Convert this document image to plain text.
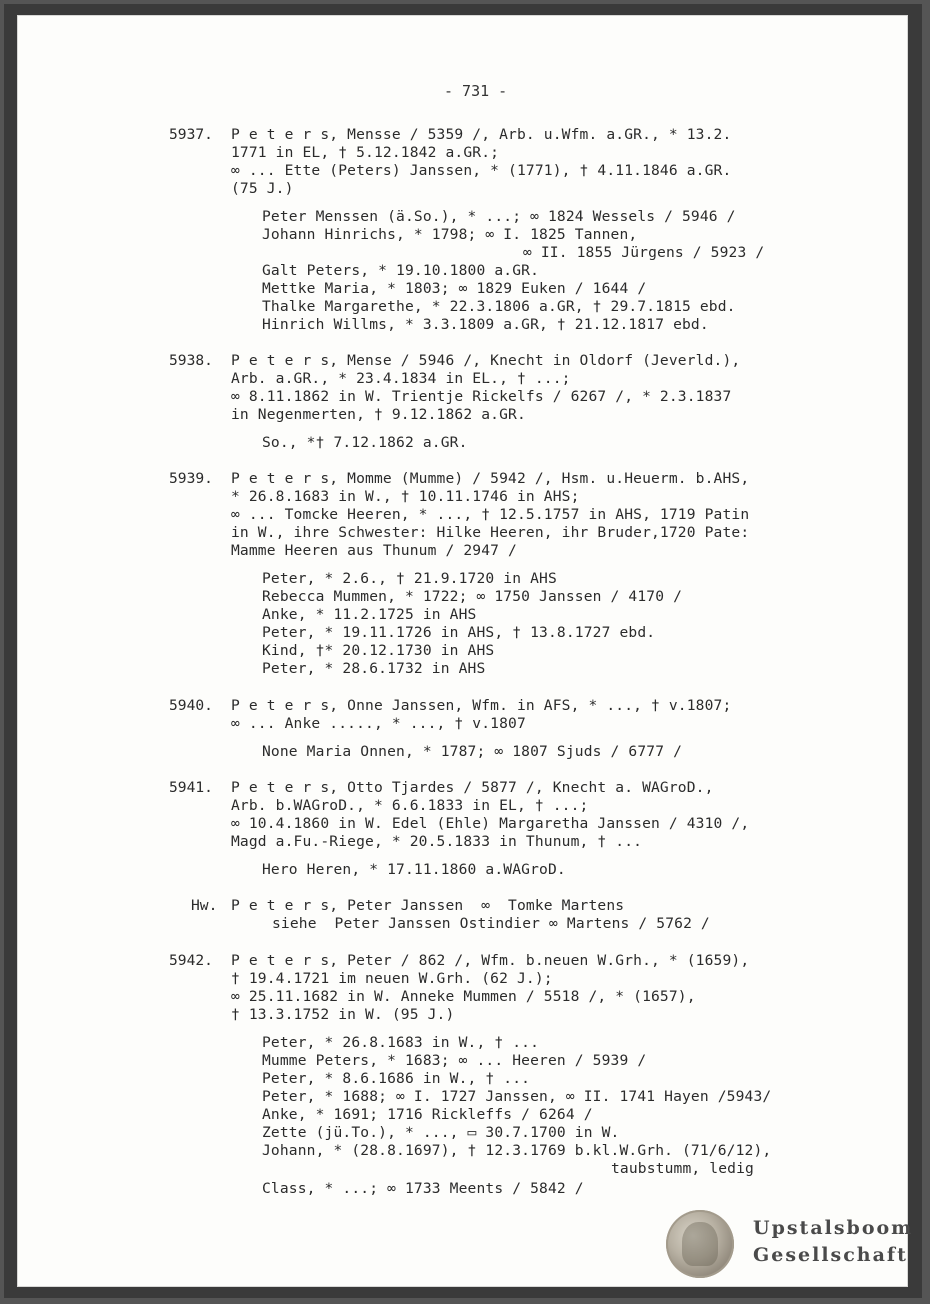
- 731 -
5937. P e t e r s, Mensse / 5359 /, Arb. u.Wfm. a.GR., * 13.2.
1771 in EL, † 5.12.1842 a.GR.;
∞ ... Ette (Peters) Janssen, * (1771), † 4.11.1846 a.GR.
(75 J.)
Peter Menssen (ä.So.), * ...; ∞ 1824 Wessels / 5946 /
Johann Hinrichs, * 1798; ∞ I. 1825 Tannen,
∞ II. 1855 Jürgens / 5923 /
Galt Peters, * 19.10.1800 a.GR.
Mettke Maria, * 1803; ∞ 1829 Euken / 1644 /
Thalke Margarethe, * 22.3.1806 a.GR, † 29.7.1815 ebd.
Hinrich Willms, * 3.3.1809 a.GR, † 21.12.1817 ebd.
5938. P e t e r s, Mense / 5946 /, Knecht in Oldorf (Jeverld.),
Arb. a.GR., * 23.4.1834 in EL., † ...;
∞ 8.11.1862 in W. Trientje Rickelfs / 6267 /, * 2.3.1837
in Negenmerten, † 9.12.1862 a.GR.
So., *† 7.12.1862 a.GR.
5939. P e t e r s, Momme (Mumme) / 5942 /, Hsm. u.Heuerm. b.AHS,
* 26.8.1683 in W., † 10.11.1746 in AHS;
∞ ... Tomcke Heeren, * ..., † 12.5.1757 in AHS, 1719 Patin
in W., ihre Schwester: Hilke Heeren, ihr Bruder,1720 Pate:
Mamme Heeren aus Thunum / 2947 /
Peter, * 2.6., † 21.9.1720 in AHS
Rebecca Mummen, * 1722; ∞ 1750 Janssen / 4170 /
Anke, * 11.2.1725 in AHS
Peter, * 19.11.1726 in AHS, † 13.8.1727 ebd.
Kind, †* 20.12.1730 in AHS
Peter, * 28.6.1732 in AHS
5940. P e t e r s, Onne Janssen, Wfm. in AFS, * ..., † v.1807;
∞ ... Anke ....., * ..., † v.1807
None Maria Onnen, * 1787; ∞ 1807 Sjuds / 6777 /
5941. P e t e r s, Otto Tjardes / 5877 /, Knecht a. WAGroD.,
Arb. b.WAGroD., * 6.6.1833 in EL, † ...;
∞ 10.4.1860 in W. Edel (Ehle) Margaretha Janssen / 4310 /,
Magd a.Fu.-Riege, * 20.5.1833 in Thunum, † ...
Hero Heren, * 17.11.1860 a.WAGroD.
Hw. P e t e r s, Peter Janssen  ∞  Tomke Martens
siehe  Peter Janssen Ostindier ∞ Martens / 5762 /
5942. P e t e r s, Peter / 862 /, Wfm. b.neuen W.Grh., * (1659),
† 19.4.1721 im neuen W.Grh. (62 J.);
∞ 25.11.1682 in W. Anneke Mummen / 5518 /, * (1657),
† 13.3.1752 in W. (95 J.)
Peter, * 26.8.1683 in W., † ...
Mumme Peters, * 1683; ∞ ... Heeren / 5939 /
Peter, * 8.6.1686 in W., † ...
Peter, * 1688; ∞ I. 1727 Janssen, ∞ II. 1741 Hayen /5943/
Anke, * 1691; 1716 Rickleffs / 6264 /
Zette (jü.To.), * ..., ▭ 30.7.1700 in W.
Johann, * (28.8.1697), † 12.3.1769 b.kl.W.Grh. (71/6/12),
taubstumm, ledig
Class, * ...; ∞ 1733 Meents / 5842 /
Upstalsboom
Gesellschaft
